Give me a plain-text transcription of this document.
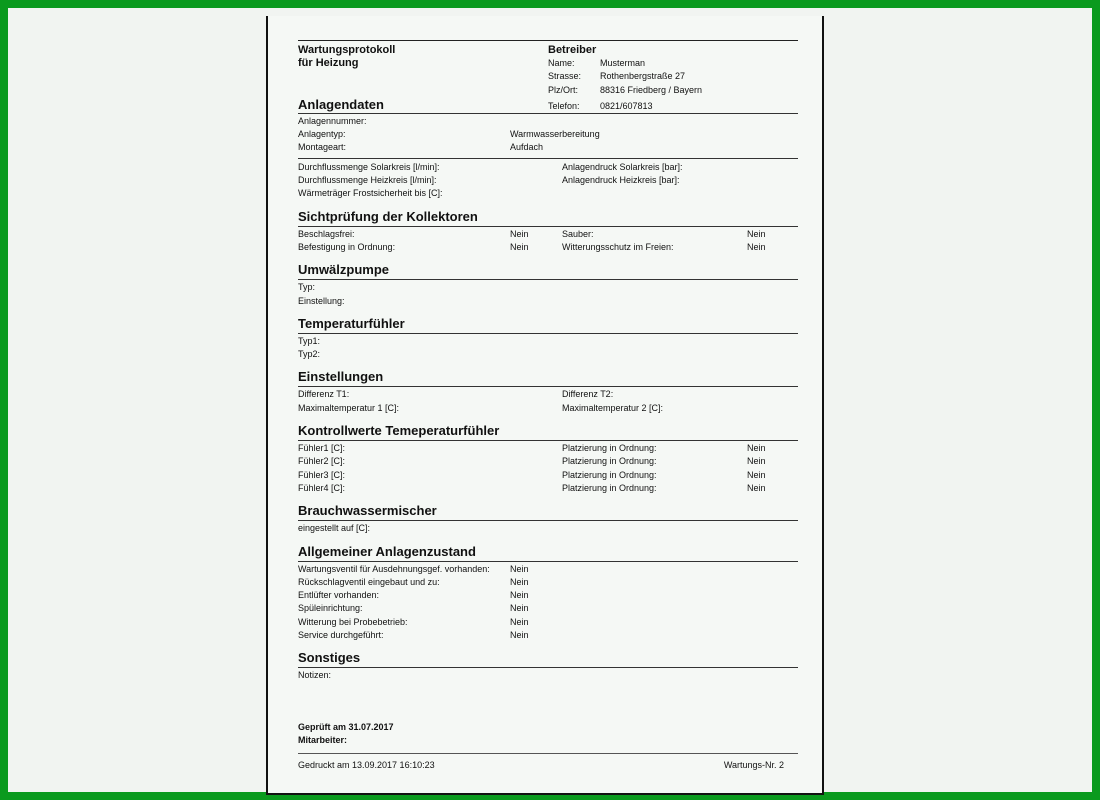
Wartungsprotokoll
für Heizung
Betreiber
Name:	Musterman
Strasse:	Rothenbergstraße 27
Plz/Ort:	88316 Friedberg / Bayern
Anlagendaten	Telefon:	0821/607813
Anlagennummer:
Anlagentyp:	Warmwasserbereitung
Montageart:	Aufdach
Durchflussmenge Solarkreis [l/min]:	Anlagendruck Solarkreis [bar]:
Durchflussmenge Heizkreis [l/min]:	Anlagendruck Heizkreis [bar]:
Wärmeträger Frostsicherheit bis [C]:
Sichtprüfung der Kollektoren
Beschlagsfrei:	Nein	Sauber:	Nein
Befestigung in Ordnung:	Nein	Witterungsschutz im Freien:	Nein
Umwälzpumpe
Typ:
Einstellung:
Temperaturfühler
Typ1:
Typ2:
Einstellungen
Differenz T1:	Differenz T2:
Maximaltemperatur 1 [C]:	Maximaltemperatur 2 [C]:
Kontrollwerte Temeperaturfühler
Fühler1 [C]:	Platzierung in Ordnung:	Nein
Fühler2 [C]:	Platzierung in Ordnung:	Nein
Fühler3 [C]:	Platzierung in Ordnung:	Nein
Fühler4 [C]:	Platzierung in Ordnung:	Nein
Brauchwassermischer
eingestellt auf [C]:
Allgemeiner Anlagenzustand
Wartungsventil für Ausdehnungsgef. vorhanden:	Nein
Rückschlagventil eingebaut und zu:	Nein
Entlüfter vorhanden:	Nein
Spüleinrichtung:	Nein
Witterung bei Probebetrieb:	Nein
Service durchgeführt:	Nein
Sonstiges
Notizen:
Geprüft am 31.07.2017
Mitarbeiter:
Gedruckt am 13.09.2017 16:10:23	Wartungs-Nr. 2
